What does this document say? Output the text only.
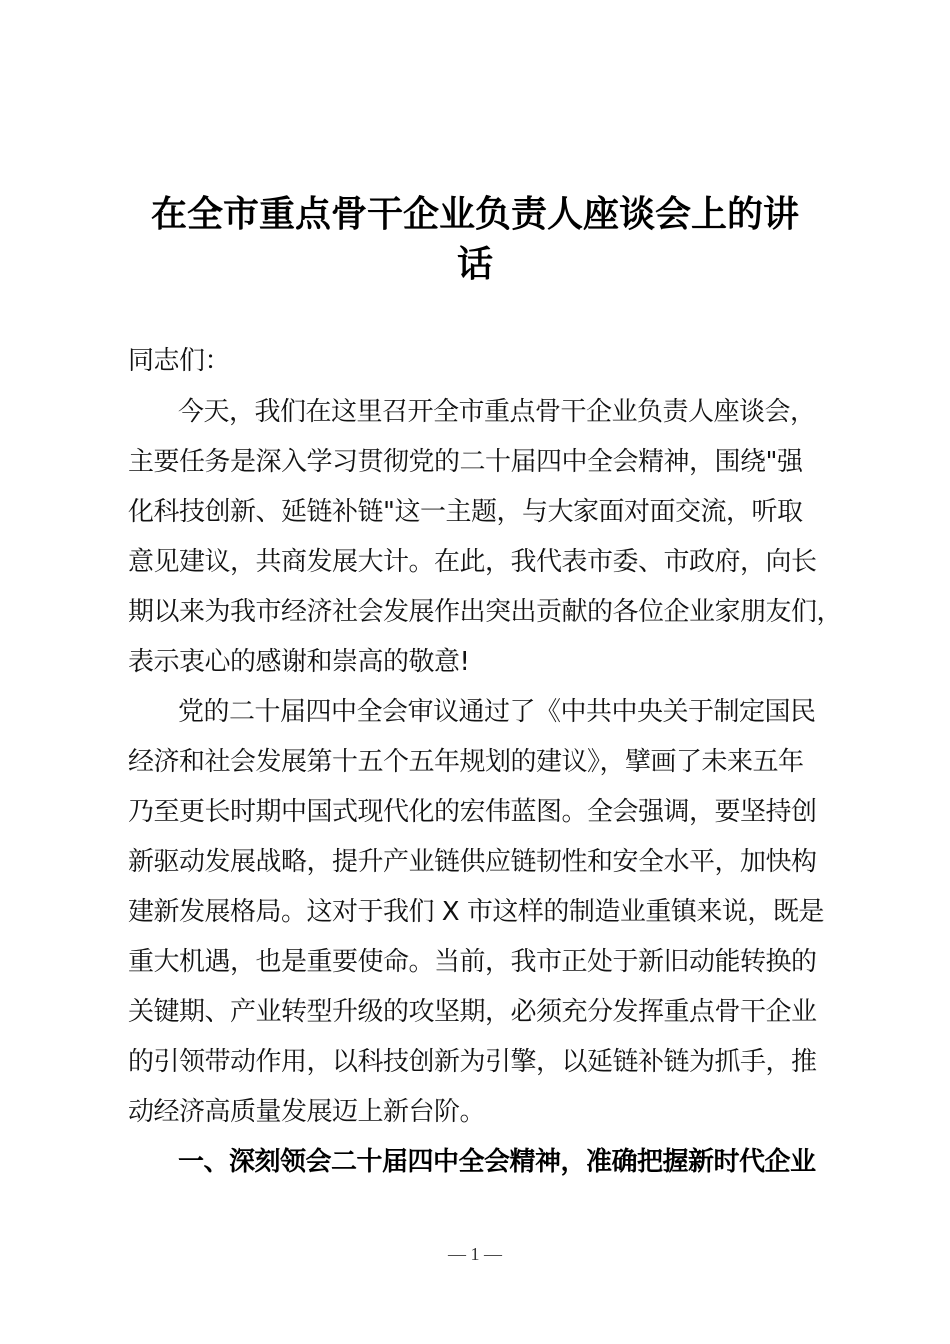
在全市重点骨干企业负责人座谈会上的讲
话
同志们：
今天，我们在这里召开全市重点骨干企业负责人座谈会，
主要任务是深入学习贯彻党的二十届四中全会精神，围绕"强
化科技创新、延链补链"这一主题，与大家面对面交流，听取
意见建议，共商发展大计。在此，我代表市委、市政府，向长
期以来为我市经济社会发展作出突出贡献的各位企业家朋友们，
表示衷心的感谢和崇高的敬意!
党的二十届四中全会审议通过了《中共中央关于制定国民
经济和社会发展第十五个五年规划的建议》，擘画了未来五年
乃至更长时期中国式现代化的宏伟蓝图。全会强调，要坚持创
新驱动发展战略，提升产业链供应链韧性和安全水平，加快构
建新发展格局。这对于我们 X 市这样的制造业重镇来说，既是
重大机遇，也是重要使命。当前，我市正处于新旧动能转换的
关键期、产业转型升级的攻坚期，必须充分发挥重点骨干企业
的引领带动作用，以科技创新为引擎，以延链补链为抓手，推
动经济高质量发展迈上新台阶。
一、深刻领会二十届四中全会精神，准确把握新时代企业
— 1 —
